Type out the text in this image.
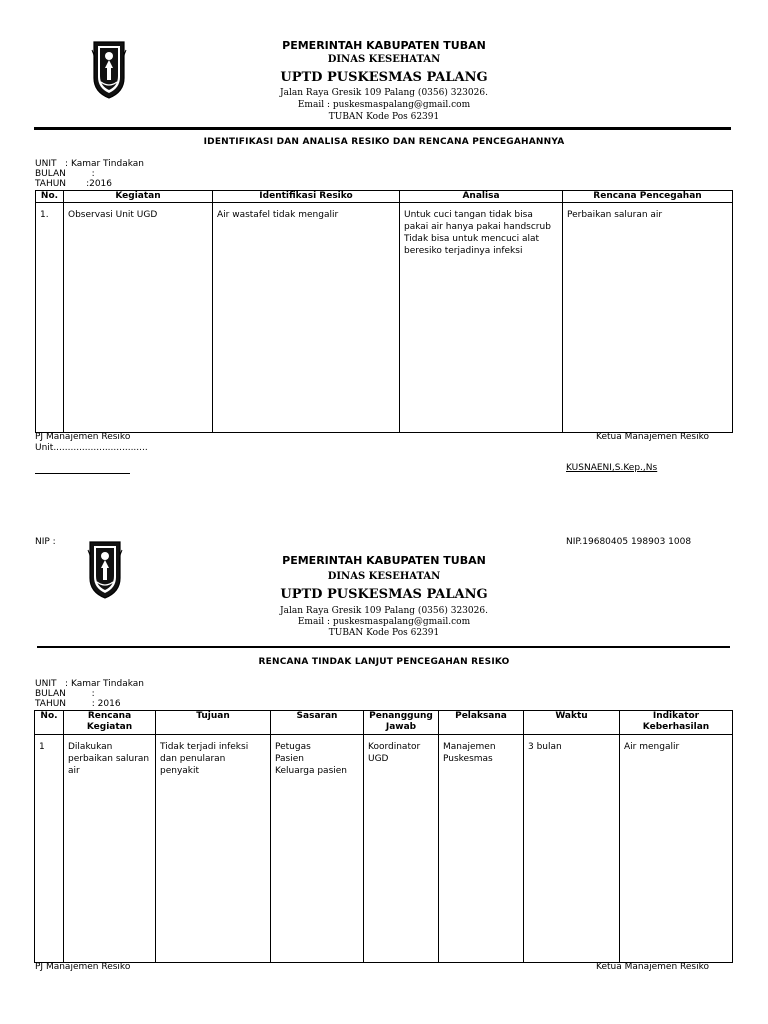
PEMERINTAH KABUPATEN TUBAN
DINAS KESEHATAN
UPTD PUSKESMAS PALANG
Jalan Raya Gresik 109 Palang (0356) 323026.
Email : puskesmaspalang@gmail.com
TUBAN Kode Pos 62391
IDENTIFIKASI DAN ANALISA RESIKO DAN RENCANA PENCEGAHANNYA
UNIT   : Kamar Tindakan
BULAN         :
TAHUN       :2016
No.	Kegiatan	Identifikasi Resiko	Analisa	Rencana Pencegahan
1.	Observasi Unit UGD	Air wastafel tidak mengalir	Untuk cuci tangan tidak bisa pakai air hanya pakai handscrub
Tidak bisa untuk mencuci alat beresiko terjadinya infeksi	Perbaikan saluran air
PJ Manajemen Resiko
Unit.................................
Ketua Manajemen Resiko
KUSNAENI,S.Kep.,Ns
NIP :	NIP.19680405 198903 1008
PEMERINTAH KABUPATEN TUBAN
DINAS KESEHATAN
UPTD PUSKESMAS PALANG
Jalan Raya Gresik 109 Palang (0356) 323026.
Email : puskesmaspalang@gmail.com
TUBAN Kode Pos 62391
RENCANA TINDAK LANJUT PENCEGAHAN RESIKO
UNIT   : Kamar Tindakan
BULAN         :
TAHUN         : 2016
No.	Rencana
Kegiatan	Tujuan	Sasaran	Penanggung
Jawab	Pelaksana	Waktu	Indikator
Keberhasilan
1	Dilakukan perbaikan saluran air	Tidak terjadi infeksi dan penularan penyakit	Petugas
Pasien
Keluarga pasien	Koordinator UGD	Manajemen Puskesmas	3 bulan	Air mengalir
PJ Manajemen Resiko	Ketua Manajemen Resiko
